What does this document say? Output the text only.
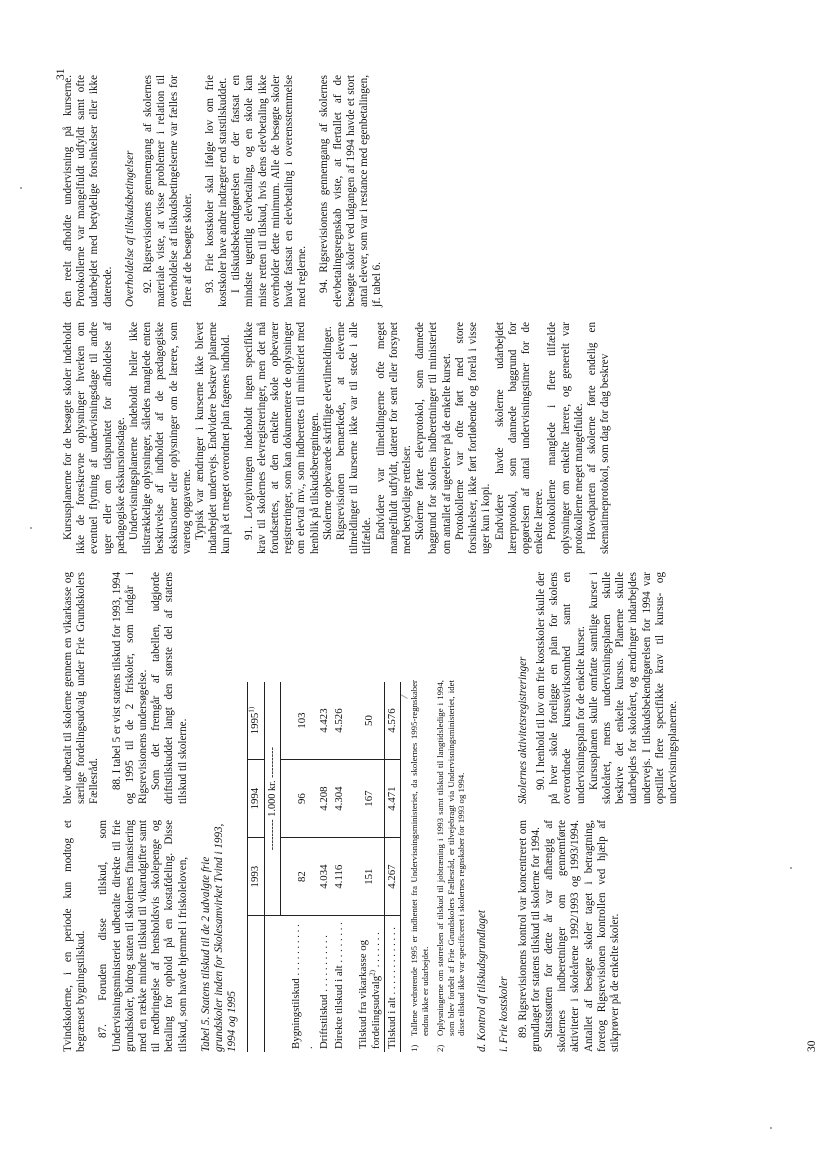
Tvindskolerne, i en periode kun modtog et begrænset bygningstilskud. 87. Foruden disse tilskud, som Undervisningsministeriet udbetalte direkte til frie grundskoler, bidrog staten til skolernes finansiering med en række mindre tilskud til vikarudgifter samt til nedbringelse af hensholdsvis skolepenge og betaling for ophold på en kostafdeling. Disse tilskud, som havde hjemmel i friskoleloven, Tabel 5. Statens tilskud til de 2 udvalgte frie grundskoler inden for Skolesamvirket Tvind i 1993, 1994 og 1995
	1993	1994	1995$^{1)}$
	--------- 1.000 kr. ---------		

Bygningstilskud . . . . . . . . . . .	82	96	103
Driftstilskud . . . . . . . . . . .	4.034	4.208	4.423
Direkte tilskud i alt . . . . . . . .	4.116	4.304	4.526

Tilskud fra vikarkasse og fordelingsudvalg$^{2)}$ . . . . . . .	151	167	50
Tilskud i alt . . . . . . . . . . . . .	4.267	4.471	4.576
1)
Tallene vedrørende 1995 er indhentet fra Undervisningsministeriet, da skolernes 1995-regnskaber endnu ikke er udarbejdet.
2)
Oplysningerne om størrelsen af tilskud til jobtræning i 1993 samt tilskud til langtidsledige i 1994, som blev fordelt af Frie Grundskolers Fællesråd, er tilvejebragt via Undervisningsministeriet, idet disse tilskud ikke var specificeret i skolernes regnskaber for 1993 og 1994. d. Kontrol af tilskudsgrundlaget i. Frie kostskoler 89. Rigsrevisionens kontrol var koncentreret om grundlaget for statens tilskud til skolerne for 1994. Statsstøtten for dette år var afhængig af skolernes indberetninger om gennemførte aktiviteter i skoleårene 1992/1993 og 1993/1994. Antallet af besøgte skoler taget i betragtning, foretog Rigsrevisionen kontrollen ved hjælp af stikprøver på de enkelte skoler.

blev udbetalt til skolerne gennem en vikarkasse og særlige fordelingsudvalg under Frie Grundskolers Fællesråd. 88. I tabel 5 er vist statens tilskud for 1993, 1994 og 1995 til de 2 friskoler, som indgår i Rigsrevisionens undersøgelse. Som det fremgår af tabellen, udgjorde driftstilskuddet langt den største del af statens tilskud til skolerne.	Skolernes aktivitetsregistreringer 90. I henhold til lov om frie kostskoler skulle der på hver skole foreligge en plan for skolens overordnede kursusvirksomhed samt en undervisningsplan for de enkelte kurser. Kursusplanen skulle omfatte samtlige kurser i skoleåret, mens undervisningsplanen skulle beskrive det enkelte kursus. Planerne skulle udarbejdes for skoleåret, og ændringer indarbejdes undervejs. I tilskudsbekendtgørelsen for 1994 var opstillet flere specifikke krav til kursus- og undervisningsplanerne.

Kursusplanerne for de besøgte skoler indeholdt ikke de foreskrevne oplysninger hverken om eventuel flytning af undervisningsdage til andre uger eller om tidspunktet for afholdelse af pædagogiske ekskursionsdage. Undervisningsplanerne indeholdt heller ikke tilstrækkelige oplysninger, således manglede enten beskrivelse af indholdet af de pædagogiske ekskursioner eller oplysninger om de lærere, som varetog opgaverne. Typisk var ændringer i kurserne ikke blevet indarbejdet undervejs. Endvidere beskrev planerne kun på et meget overordnet plan fagenes indhold. 91. Lovgivningen indeholdt ingen specifikke krav til skolernes elevregistreringer, men det må forudsættes, at den enkelte skole opbevarer registreringer, som kan dokumentere de oplysninger om elevtal mv., som indberettes til ministeriet med henblik på tilskudsberegningen. Skolerne opbevarede skriftlige elevtilmeldinger. Rigsrevisionen bemærkede, at eleverne tilmeldinger til kurserne ikke var til stede i alle tilfælde. Endvidere var tilmeldingerne ofte meget mangelfuldt udfyldt, dateret for sent eller forsynet med betydelige rettelser. Skolerne førte elevprotokol, som dannede baggrund for skolens indberetninger til ministeriet om antallet af ugeelever på de enkelte kurset. Protokollerne var ofte ført med store forsinkelser, ikke ført fortløbende og forelå i visse uger kun i kopi. Endvidere havde skolerne udarbejdet lærerprotokol, som dannede baggrund for opgørelsen af antal undervisningstimer for de enkelte lærere. Protokollerne manglede i flere tilfælde oplysninger om enkelte lærere, og generelt var protokollerne meget mangelfulde. Hovedparten af skolerne førte endelig en skematimeprotokol, som dag for dag beskrev

den reelt afholdte undervisning på kurserne. Protokollerne var mangelfuldt udfyldt samt ofte udarbejdet med betydelige forsinkelser eller ikke daterede. Overholdelse af tilskudsbetingelser 92. Rigsrevisionens gennemgang af skolernes materiale viste, at visse problemer i relation til overholdelse af tilskudsbetingelserne var fælles for flere af de besøgte skoler. 93. Frie kostskoler skal ifølge lov om frie kostskoler have andre indtægter end statstilskuddet. I tilskudsbekendtgørelsen er der fastsat en mindste ugentlig elevbetaling, og en skole kan miste retten til tilskud, hvis dens elevbetaling ikke overholder dette minimum. Alle de besøgte skoler havde fastsat en elevbetaling i overensstemmelse med reglerne. 94. Rigsrevisionens gennemgang af skolernes elevbetalingsregnskab viste, at flertallet af de besøgte skoler ved udgangen af 1994 havde et stort antal elever, som var i restance med egenbetalingen, jf. tabel 6.

30
31
